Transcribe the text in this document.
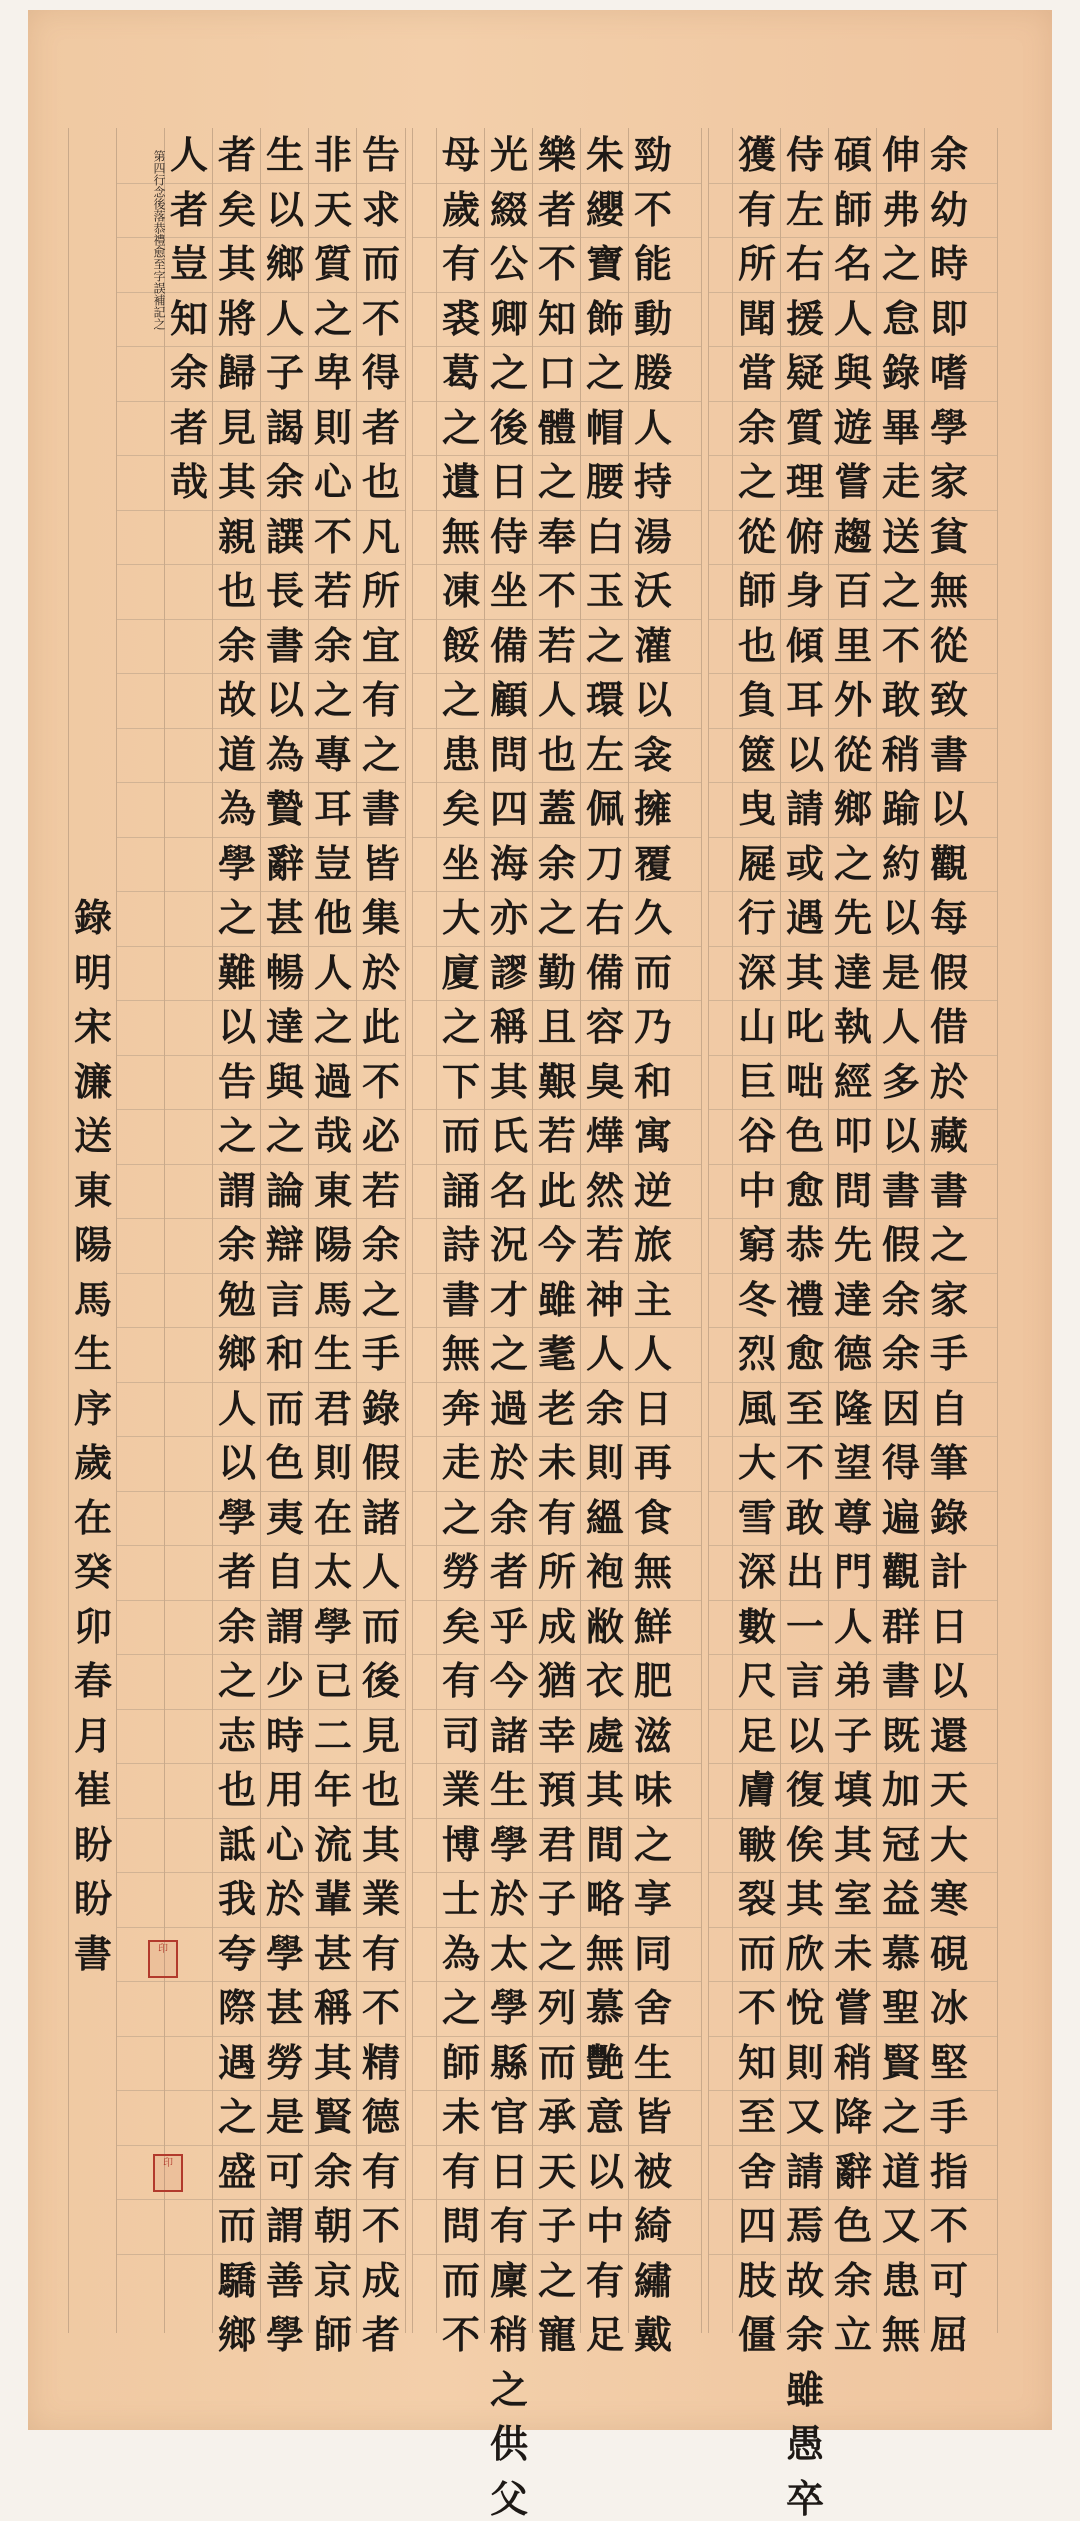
余
幼
時
即
嗜
學
家
貧
無
從
致
書
以
觀
每
假
借
於
藏
書
之
家
手
自
筆
錄
計
日
以
還
天
大
寒
硯
冰
堅
手
指
不
可
屈
伸
弗
之
怠
錄
畢
走
送
之
不
敢
稍
踰
約
以
是
人
多
以
書
假
余
余
因
得
遍
觀
群
書
既
加
冠
益
慕
聖
賢
之
道
又
患
無
碩
師
名
人
與
遊
嘗
趨
百
里
外
從
鄉
之
先
達
執
經
叩
問
先
達
德
隆
望
尊
門
人
弟
子
填
其
室
未
嘗
稍
降
辭
色
余
立
侍
左
右
援
疑
質
理
俯
身
傾
耳
以
請
或
遇
其
叱
咄
色
愈
恭
禮
愈
至
不
敢
出
一
言
以
復
俟
其
欣
悅
則
又
請
焉
故
余
雖
愚
卒
獲
有
所
聞
當
余
之
從
師
也
負
篋
曳
屣
行
深
山
巨
谷
中
窮
冬
烈
風
大
雪
深
數
尺
足
膚
皸
裂
而
不
知
至
舍
四
肢
僵
勁
不
能
動
媵
人
持
湯
沃
灌
以
衾
擁
覆
久
而
乃
和
寓
逆
旅
主
人
日
再
食
無
鮮
肥
滋
味
之
享
同
舍
生
皆
被
綺
繡
戴
朱
纓
寶
飾
之
帽
腰
白
玉
之
環
左
佩
刀
右
備
容
臭
燁
然
若
神
人
余
則
縕
袍
敝
衣
處
其
間
略
無
慕
艷
意
以
中
有
足
樂
者
不
知
口
體
之
奉
不
若
人
也
蓋
余
之
勤
且
艱
若
此
今
雖
耄
老
未
有
所
成
猶
幸
預
君
子
之
列
而
承
天
子
之
寵
光
綴
公
卿
之
後
日
侍
坐
備
顧
問
四
海
亦
謬
稱
其
氏
名
況
才
之
過
於
余
者
乎
今
諸
生
學
於
太
學
縣
官
日
有
廩
稍
之
供
父
母
歲
有
裘
葛
之
遺
無
凍
餒
之
患
矣
坐
大
廈
之
下
而
誦
詩
書
無
奔
走
之
勞
矣
有
司
業
博
士
為
之
師
未
有
問
而
不
告
求
而
不
得
者
也
凡
所
宜
有
之
書
皆
集
於
此
不
必
若
余
之
手
錄
假
諸
人
而
後
見
也
其
業
有
不
精
德
有
不
成
者
非
天
質
之
卑
則
心
不
若
余
之
專
耳
豈
他
人
之
過
哉
東
陽
馬
生
君
則
在
太
學
已
二
年
流
輩
甚
稱
其
賢
余
朝
京
師
生
以
鄉
人
子
謁
余
譔
長
書
以
為
贄
辭
甚
暢
達
與
之
論
辯
言
和
而
色
夷
自
謂
少
時
用
心
於
學
甚
勞
是
可
謂
善
學
者
矣
其
將
歸
見
其
親
也
余
故
道
為
學
之
難
以
告
之
謂
余
勉
鄉
人
以
學
者
余
之
志
也
詆
我
夸
際
遇
之
盛
而
驕
鄉
人
者
豈
知
余
者
哉
第四行念後落恭禮愈至字誤補記之
錄
明
宋
濂
送
東
陽
馬
生
序
歲
在
癸
卯
春
月
崔
盼
盼
書	印
印
